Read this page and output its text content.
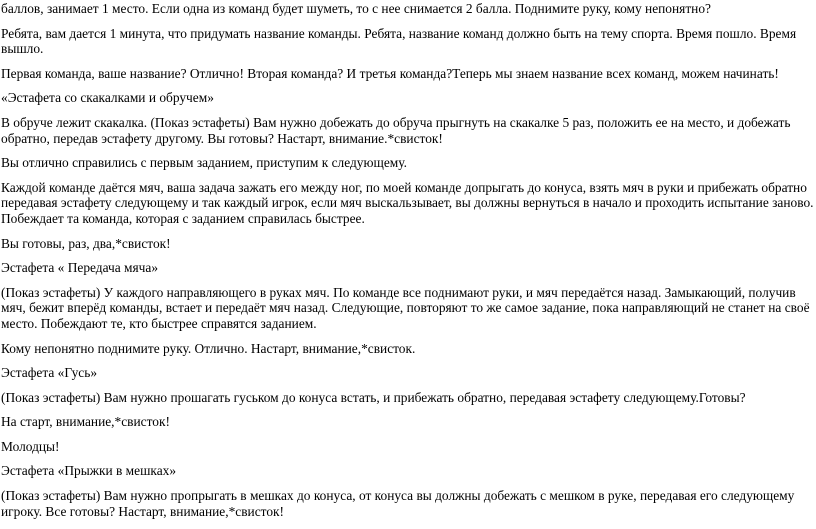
баллов, занимает 1 место. Если одна из команд будет шуметь, то с нее снимается 2 балла. Поднимите руку, кому непонятно?

Ребята, вам дается 1 минута, что придумать название команды. Ребята, название команд должно быть на тему спорта. Время пошло. Время вышло.

Первая команда, ваше название? Отлично! Вторая команда? И третья команда?Теперь мы знаем название всех команд, можем начинать!

«Эстафета со скакалками и обручем»

В обруче лежит скакалка. (Показ эстафеты) Вам нужно добежать до обруча прыгнуть на скакалке 5 раз, положить ее на место, и добежать обратно, передав эстафету другому. Вы готовы? Настарт, внимание.*свисток!

Вы отлично справились с первым заданием, приступим к следующему.

Каждой команде даётся мяч, ваша задача зажать его между ног, по моей команде допрыгать до конуса, взять мяч в руки и прибежать обратно передавая эстафету следующему и так каждый игрок, если мяч выскальзывает, вы должны вернуться в начало и проходить испытание заново. Побеждает та команда, которая с заданием справилась быстрее.

Вы готовы, раз, два,*свисток!

Эстафета « Передача мяча»

(Показ эстафеты) У каждого направляющего в руках мяч. По команде все поднимают руки, и мяч передаётся назад. Замыкающий, получив мяч, бежит вперёд команды, встает и передаёт мяч назад. Следующие, повторяют то же самое задание, пока направляющий не станет на своё место. Побеждают те, кто быстрее справятся заданием.

Кому непонятно поднимите руку. Отлично. Настарт, внимание,*свисток.

Эстафета «Гусь»

(Показ эстафеты) Вам нужно прошагать гуськом до конуса встать, и прибежать обратно, передавая эстафету следующему.Готовы?

На старт, внимание,*свисток!

Молодцы!

Эстафета «Прыжки в мешках»

(Показ эстафеты) Вам нужно пропрыгать в мешках до конуса, от конуса вы должны добежать с мешком в руке, передавая его следующему игроку. Все готовы? Настарт, внимание,*свисток!
